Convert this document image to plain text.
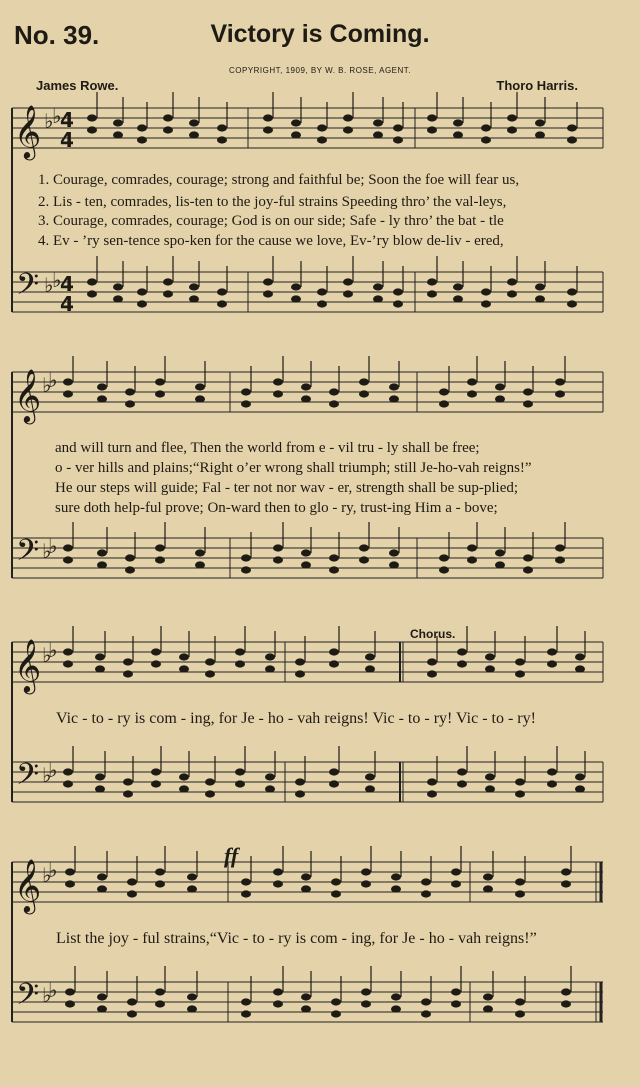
No. 39.	Victory is Coming.
COPYRIGHT, 1909, BY W. B. ROSE, AGENT.
James Rowe.	Thoro Harris.
𝄞
𝄢
𝄞
𝄢
𝄞
𝄢
𝄞
𝄢
♭
♭
♭
♭
♭
♭
♭
♭
♭
♭
♭
♭
♭
♭
♭
♭
4
4
4
4
1. Courage, comrades, courage; strong and faithful be; Soon the foe will fear us,
2. Lis - ten, comrades, lis-ten to the joy-ful strains Speeding thro’ the val-leys,
3. Courage, comrades, courage; God is on our side; Safe - ly thro’ the bat - tle
4. Ev - ’ry sen-tence spo-ken for the cause we love, Ev-’ry blow de-liv - ered,
and will turn and flee, Then the world from e - vil tru - ly shall be free;
o - ver hills and plains;“Right o’er wrong shall triumph; still Je-ho-vah reigns!”
He our steps will guide; Fal - ter not nor wav - er, strength shall be sup-plied;
sure doth help-ful prove; On-ward then to glo - ry, trust-ing Him a - bove;
Chorus.
Vic - to - ry is com - ing, for Je - ho - vah reigns! Vic - to - ry! Vic - to - ry!
ff
List the joy - ful strains,“Vic - to - ry is com - ing, for Je - ho - vah reigns!”
